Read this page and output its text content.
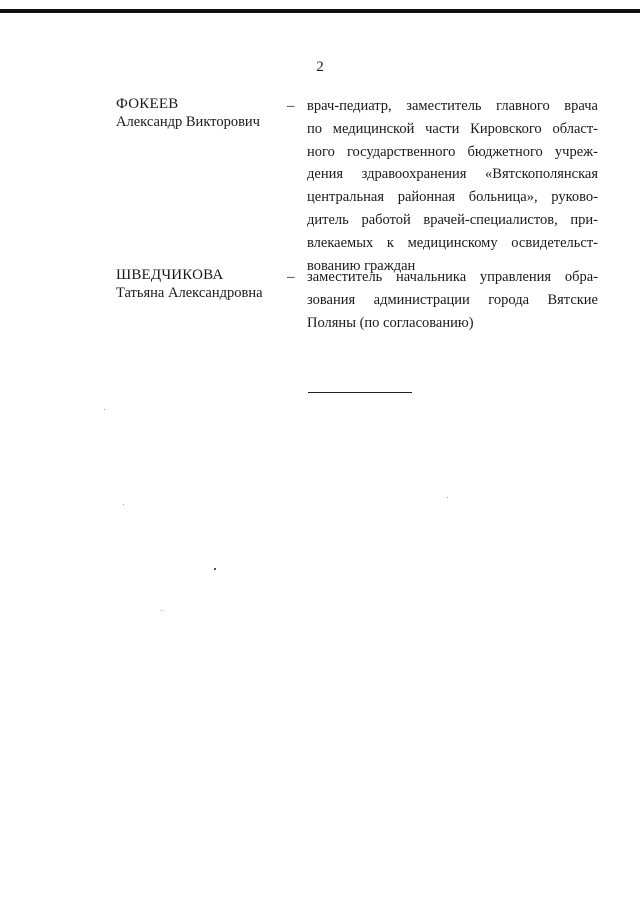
2
ФОКЕЕВ
Александр Викторович
– врач-педиатр, заместитель главного врача
по медицинской части Кировского област-
ного государственного бюджетного учреж-
дения здравоохранения «Вятскополянская
центральная районная больница», руково-
дитель работой врачей-специалистов, при-
влекаемых к медицинскому освидетельст-
вованию граждан
ШВЕДЧИКОВА
Татьяна Александровна
– заместитель начальника управления обра-
зования администрации города Вятские
Поляны (по согласованию)
